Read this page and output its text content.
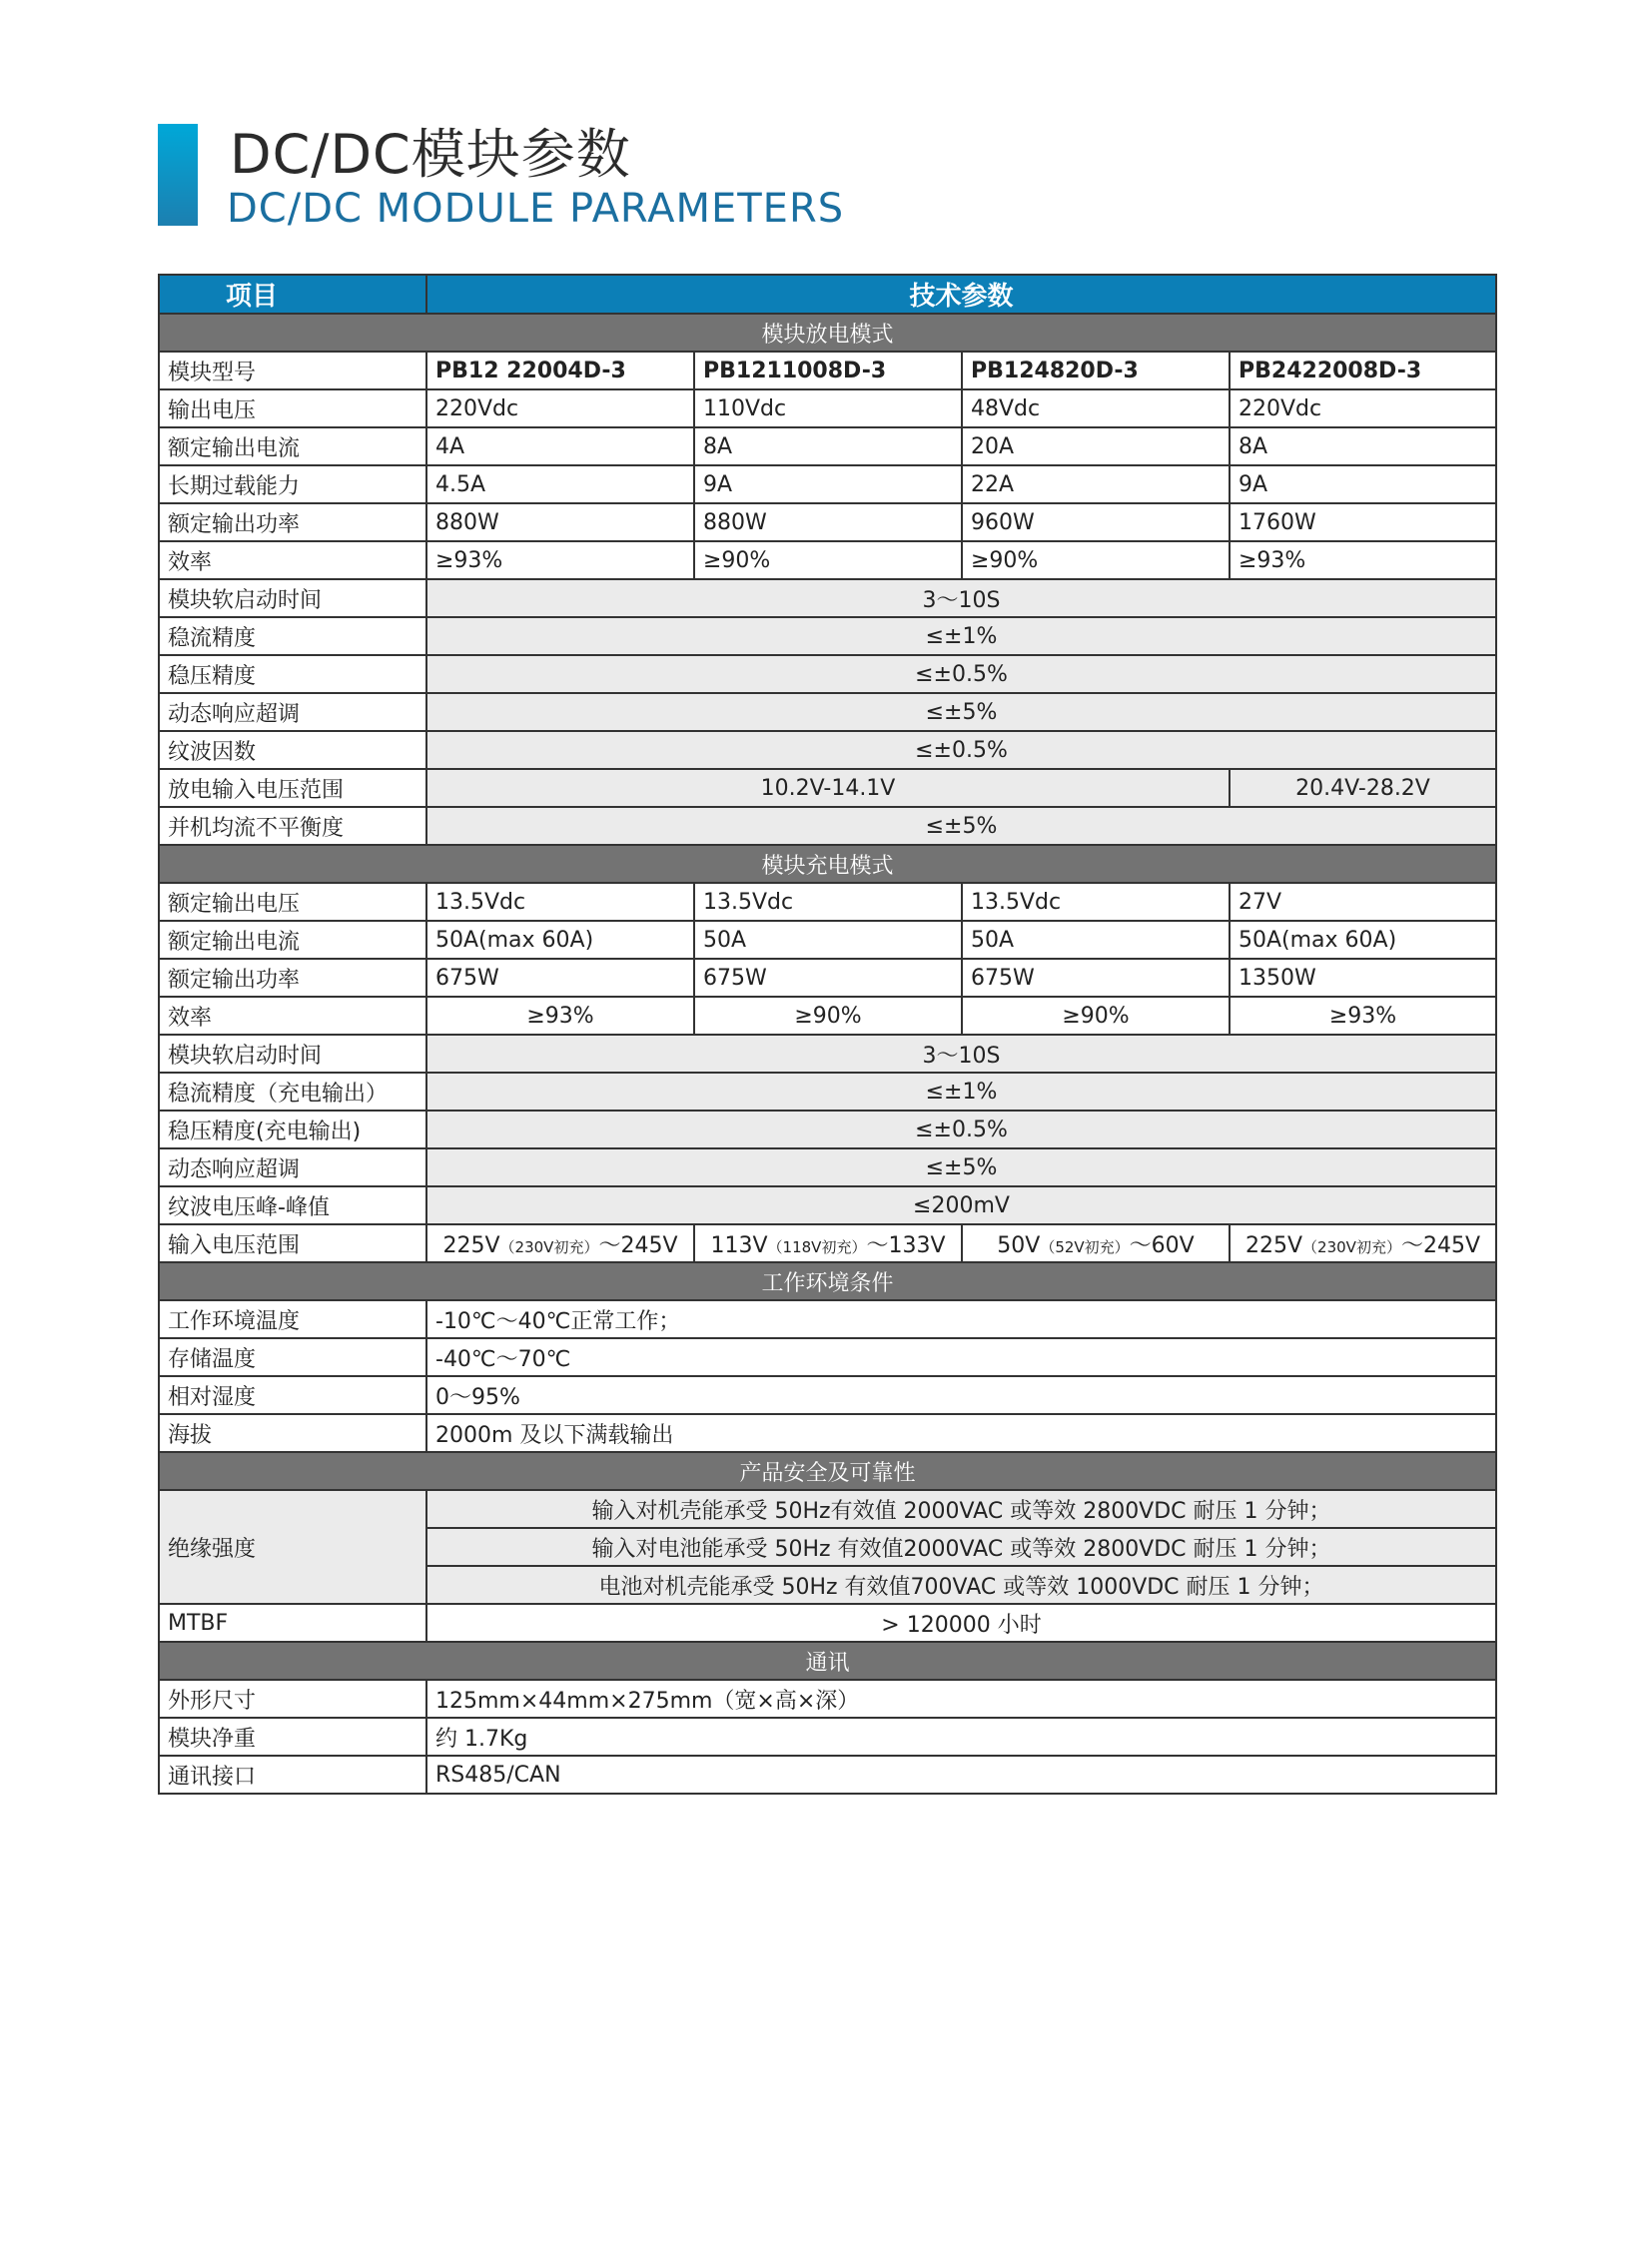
DC/DC模块参数
DC/DC MODULE PARAMETERS
项目	技术参数			
模块放电模式				
模块型号	PB12 22004D-3	PB1211008D-3	PB124820D-3	PB2422008D-3
输出电压	220Vdc	110Vdc	48Vdc	220Vdc
额定输出电流	4A	8A	20A	8A
长期过载能力	4.5A	9A	22A	9A
额定输出功率	880W	880W	960W	1760W
效率	≥93%	≥90%	≥90%	≥93%
模块软启动时间	3～10S			
稳流精度	≤±1%			
稳压精度	≤±0.5%			
动态响应超调	≤±5%			
纹波因数	≤±0.5%			
放电输入电压范围	10.2V-14.1V			20.4V-28.2V
并机均流不平衡度	≤±5%			
模块充电模式				
额定输出电压	13.5Vdc	13.5Vdc	13.5Vdc	27V
额定输出电流	50A(max 60A)	50A	50A	50A(max 60A)
额定输出功率	675W	675W	675W	1350W
效率	≥93%	≥90%	≥90%	≥93%
模块软启动时间	3～10S			
稳流精度（充电输出）	≤±1%			
稳压精度(充电输出)	≤±0.5%			
动态响应超调	≤±5%			
纹波电压峰-峰值	≤200mV			
输入电压范围	225V（230V初充）～245V	113V（118V初充）～133V	50V（52V初充）～60V	225V（230V初充）～245V
工作环境条件				
工作环境温度	-10℃～40℃正常工作；			
存储温度	-40℃～70℃			
相对湿度	0～95%			
海拔	2000m 及以下满载输出			
产品安全及可靠性				
绝缘强度	输入对机壳能承受 50Hz有效值 2000VAC 或等效 2800VDC 耐压 1 分钟；			
	输入对电池能承受 50Hz 有效值2000VAC 或等效 2800VDC 耐压 1 分钟；			
	电池对机壳能承受 50Hz 有效值700VAC 或等效 1000VDC 耐压 1 分钟；			
MTBF	> 120000 小时			
通讯				
外形尺寸	125mm×44mm×275mm（宽×高×深）			
模块净重	约 1.7Kg			
通讯接口	RS485/CAN			
